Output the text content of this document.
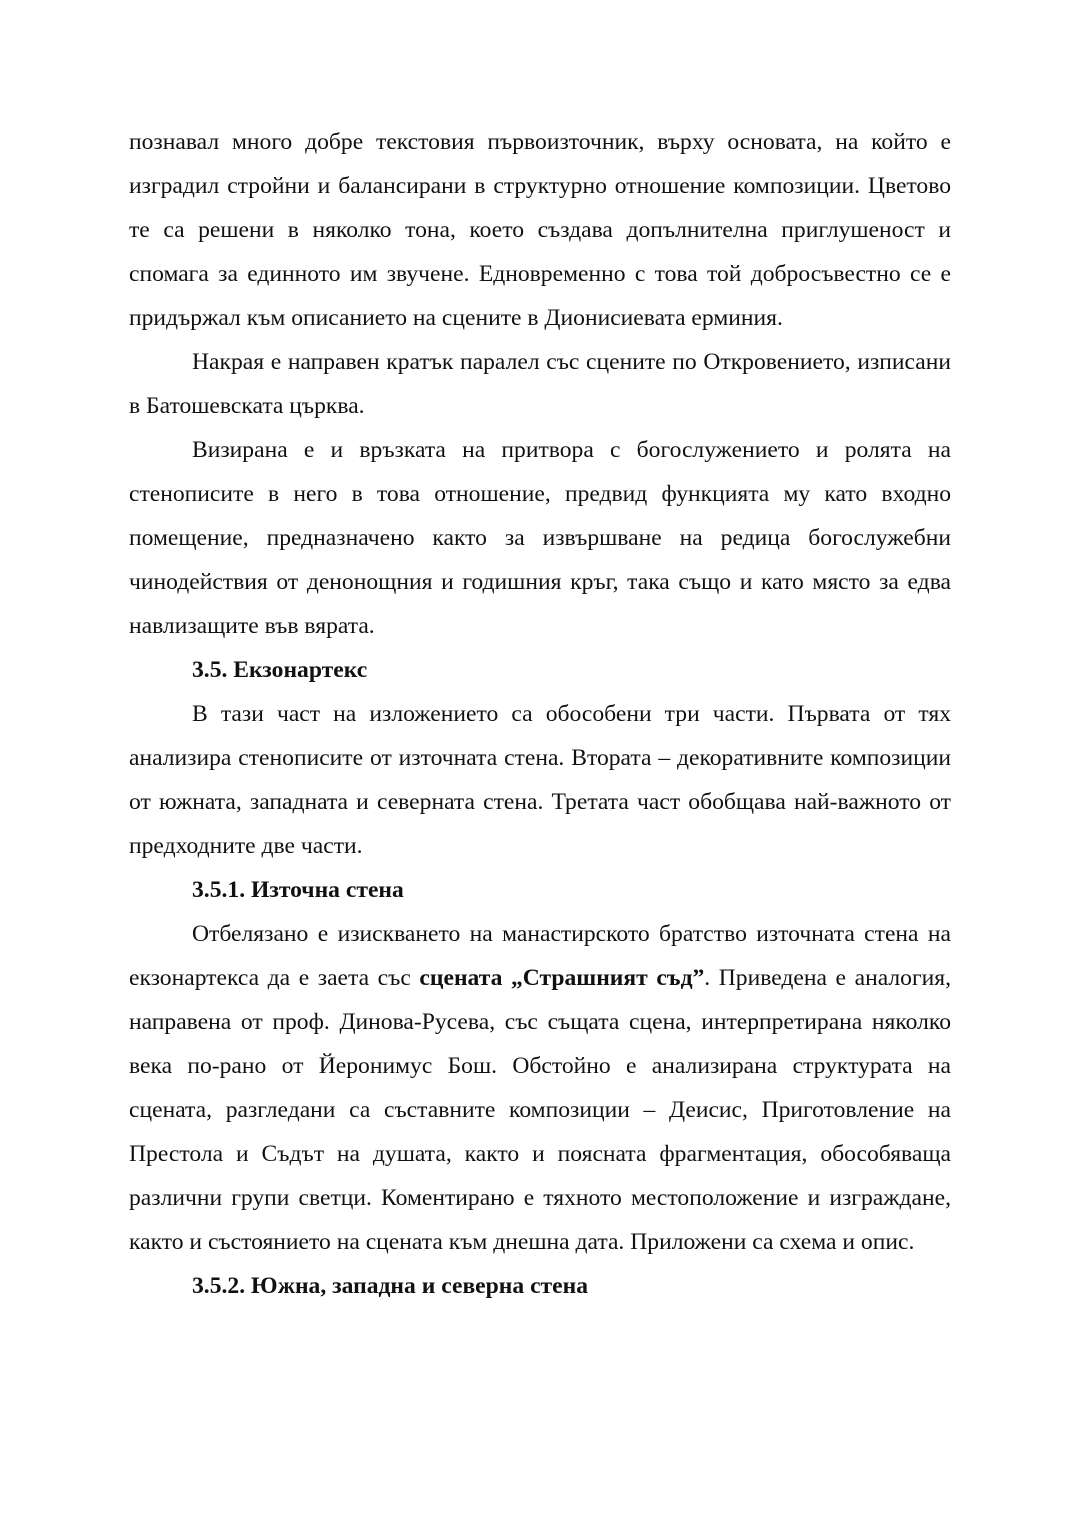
познавал много добре текстовия първоизточник, върху основата, на който е изградил стройни и балансирани в структурно отношение композиции. Цветово те са решени в няколко тона, което създава допълнителна приглушеност и спомага за единното им звучене. Едновременно с това той добросъвестно се е придържал към описанието на сцените в Дионисиевата ерминия.

Накрая е направен кратък паралел със сцените по Откровението, изписани в Батошевската църква.

Визирана е и връзката на притвора с богослужението и ролята на стенописите в него в това отношение, предвид функцията му като входно помещение, предназначено както за извършване на редица богослужебни чинодействия от денонощния и годишния кръг, така също и като място за едва навлизащите във вярата.

3.5. Екзонартекс

В тази част на изложението са обособени три части. Първата от тях анализира стенописите от източната стена. Втората – декоративните композиции от южната, западната и северната стена. Третата част обобщава най-важното от предходните две части.

3.5.1. Източна стена

Отбелязано е изискването на манастирското братство източната стена на екзонартекса да е заета със сцената „Страшният съд”. Приведена е аналогия, направена от проф. Динова-Русева, със същата сцена, интерпретирана няколко века по-рано от Йеронимус Бош. Обстойно е анализирана структурата на сцената, разгледани са съставните композиции – Деисис, Приготовление на Престола и Съдът на душата, както и поясната фрагментация, обособяваща различни групи светци. Коментирано е тяхното местоположение и изграждане, както и състоянието на сцената към днешна дата. Приложени са схема и опис.

3.5.2. Южна, западна и северна стена
